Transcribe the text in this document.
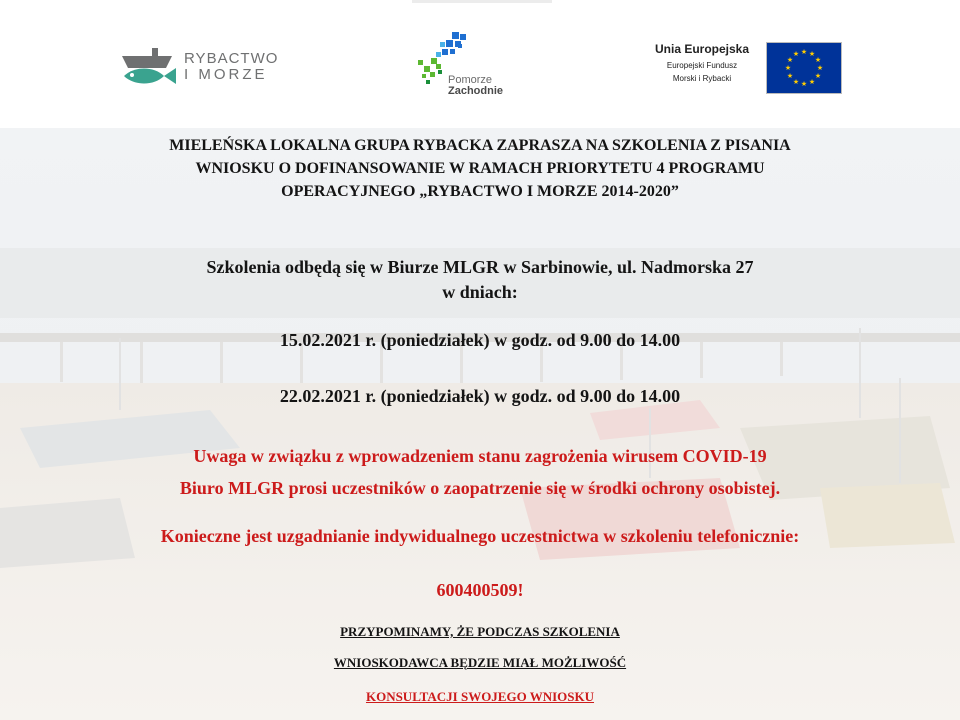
RYBACTWO
I MORZE	Pomorze
Zachodnie
Unia Europejska
Europejski Fundusz
Morski i Rybacki
★ ★
★
★
★
★
★
★
★
★
★
★
MIELEŃSKA LOKALNA GRUPA RYBACKA ZAPRASZA NA SZKOLENIA Z PISANIA
WNIOSKU O DOFINANSOWANIE W RAMACH PRIORYTETU 4 PROGRAMU
OPERACYJNEGO „RYBACTWO I MORZE 2014-2020”
Szkolenia odbędą się w Biurze MLGR w Sarbinowie, ul. Nadmorska 27
w dniach:
15.02.2021 r. (poniedziałek) w godz. od 9.00 do 14.00
22.02.2021 r. (poniedziałek) w godz. od 9.00 do 14.00
Uwaga w związku z wprowadzeniem stanu zagrożenia wirusem COVID-19
Biuro MLGR prosi uczestników o zaopatrzenie się w środki ochrony osobistej.
Konieczne jest uzgadnianie indywidualnego uczestnictwa w szkoleniu telefonicznie:
600400509!
PRZYPOMINAMY, ŻE PODCZAS SZKOLENIA
WNIOSKODAWCA BĘDZIE MIAŁ MOŻLIWOŚĆ
KONSULTACJI SWOJEGO WNIOSKU
